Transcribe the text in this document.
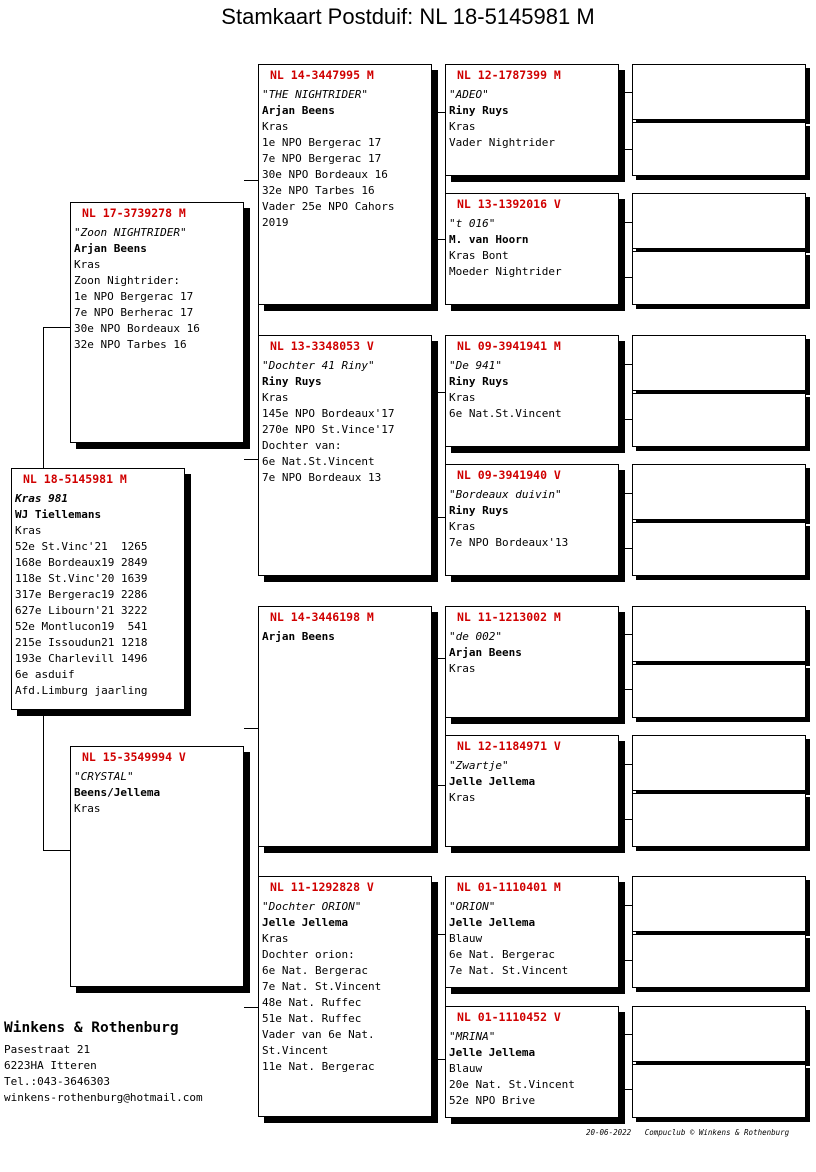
Stamkaart Postduif: NL 18-5145981 M
NL 18-5145981 M
Kras 981
WJ Tiellemans
Kras
52e St.Vinc'21  1265
168e Bordeaux19 2849
118e St.Vinc'20 1639
317e Bergerac19 2286
627e Libourn'21 3222
52e Montlucon19  541
215e Issoudun21 1218
193e Charlevill 1496
6e asduif
Afd.Limburg jaarling
NL 17-3739278 M
"Zoon NIGHTRIDER"
Arjan Beens
Kras
Zoon Nightrider:
1e NPO Bergerac 17
7e NPO Berherac 17
30e NPO Bordeaux 16
32e NPO Tarbes 16
NL 15-3549994 V
"CRYSTAL"
Beens/Jellema
Kras
NL 14-3447995 M
"THE NIGHTRIDER"
Arjan Beens
Kras
1e NPO Bergerac 17
7e NPO Bergerac 17
30e NPO Bordeaux 16
32e NPO Tarbes 16
Vader 25e NPO Cahors
2019
NL 13-3348053 V
"Dochter 41 Riny"
Riny Ruys
Kras
145e NPO Bordeaux'17
270e NPO St.Vince'17
Dochter van:
6e Nat.St.Vincent
7e NPO Bordeaux 13
NL 14-3446198 M
Arjan Beens
NL 11-1292828 V
"Dochter ORION"
Jelle Jellema
Kras
Dochter orion:
6e Nat. Bergerac
7e Nat. St.Vincent
48e Nat. Ruffec
51e Nat. Ruffec
Vader van 6e Nat.
St.Vincent
11e Nat. Bergerac
NL 12-1787399 M
"ADEO"
Riny Ruys
Kras
Vader Nightrider
NL 13-1392016 V
"t 016"
M. van Hoorn
Kras Bont
Moeder Nightrider
NL 09-3941941 M
"De 941"
Riny Ruys
Kras
6e Nat.St.Vincent
NL 09-3941940 V
"Bordeaux duivin"
Riny Ruys
Kras
7e NPO Bordeaux'13
NL 11-1213002 M
"de 002"
Arjan Beens
Kras
NL 12-1184971 V
"Zwartje"
Jelle Jellema
Kras
NL 01-1110401 M
"ORION"
Jelle Jellema
Blauw
6e Nat. Bergerac
7e Nat. St.Vincent
NL 01-1110452 V
"MRINA"
Jelle Jellema
Blauw
20e Nat. St.Vincent
52e NPO Brive
Winkens & Rothenburg
Pasestraat 21
6223HA Itteren
Tel.:043-3646303
winkens-rothenburg@hotmail.com
20-06-2022   Compuclub © Winkens & Rothenburg
